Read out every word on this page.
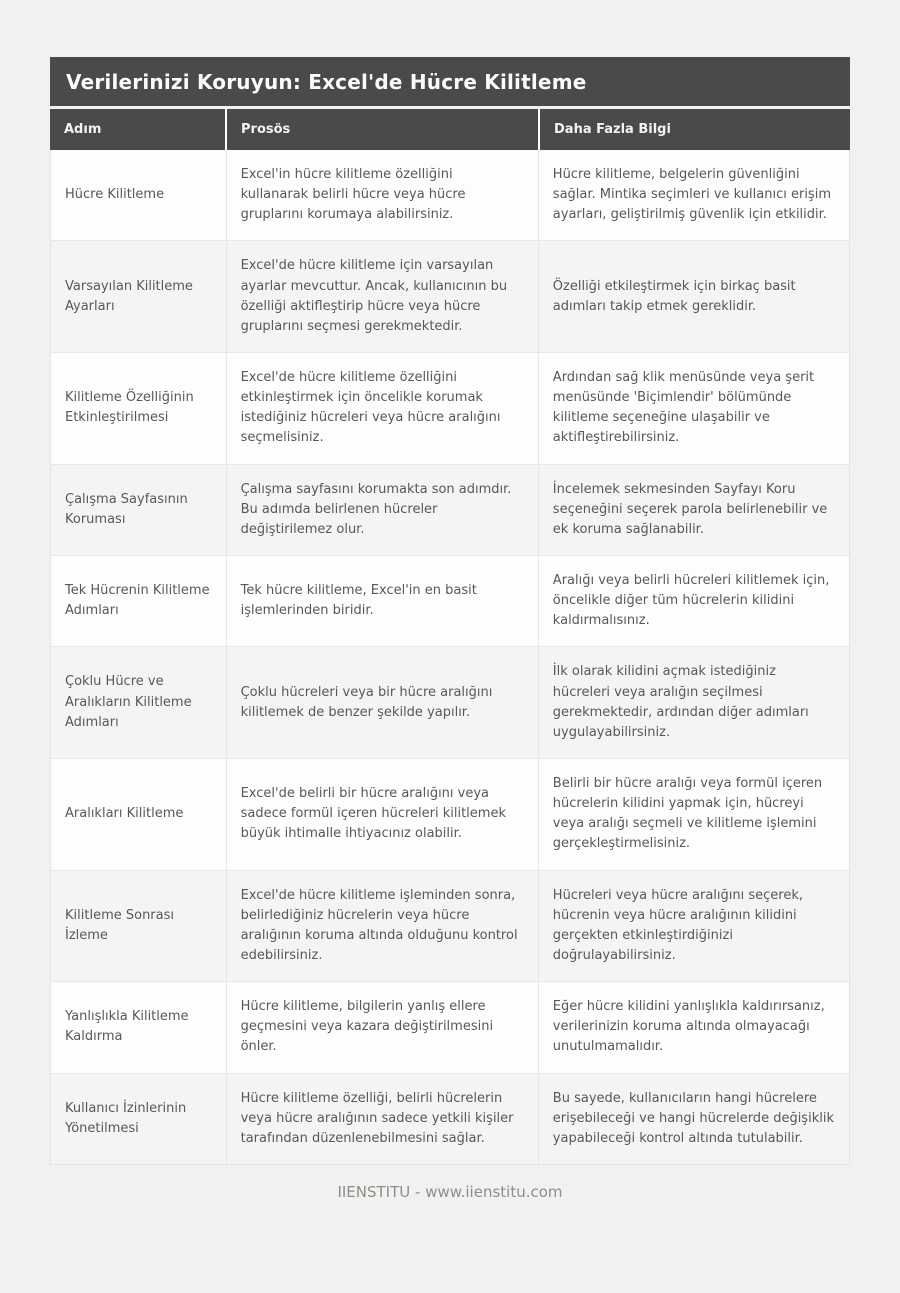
Verilerinizi Koruyun: Excel'de Hücre Kilitleme
Adım	Prosös	Daha Fazla Bilgi
Hücre Kilitleme
Excel'in hücre kilitleme özelliğini kullanarak belirli hücre veya hücre gruplarını korumaya alabilirsiniz.
Hücre kilitleme, belgelerin güvenliğini sağlar. Mintika seçimleri ve kullanıcı erişim ayarları, geliştirilmiş güvenlik için etkilidir.
Varsayılan Kilitleme Ayarları
Excel'de hücre kilitleme için varsayılan ayarlar mevcuttur. Ancak, kullanıcının bu özelliği aktifleştirip hücre veya hücre gruplarını seçmesi gerekmektedir.
Özelliği etkileştirmek için birkaç basit adımları takip etmek gereklidir.
Kilitleme Özelliğinin Etkinleştirilmesi
Excel'de hücre kilitleme özelliğini etkinleştirmek için öncelikle korumak istediğiniz hücreleri veya hücre aralığını seçmelisiniz.
Ardından sağ klik menüsünde veya şerit menüsünde 'Biçimlendir' bölümünde kilitleme seçeneğine ulaşabilir ve aktifleştirebilirsiniz.
Çalışma Sayfasının Koruması
Çalışma sayfasını korumakta son adımdır. Bu adımda belirlenen hücreler değiştirilemez olur.
İncelemek sekmesinden Sayfayı Koru seçeneğini seçerek parola belirlenebilir ve ek koruma sağlanabilir.
Tek Hücrenin Kilitleme Adımları
Tek hücre kilitleme, Excel'in en basit işlemlerinden biridir.
Aralığı veya belirli hücreleri kilitlemek için, öncelikle diğer tüm hücrelerin kilidini kaldırmalısınız.
Çoklu Hücre ve Aralıkların Kilitleme Adımları
Çoklu hücreleri veya bir hücre aralığını kilitlemek de benzer şekilde yapılır.
İlk olarak kilidini açmak istediğiniz hücreleri veya aralığın seçilmesi gerekmektedir, ardından diğer adımları uygulayabilirsiniz.
Aralıkları Kilitleme
Excel'de belirli bir hücre aralığını veya sadece formül içeren hücreleri kilitlemek büyük ihtimalle ihtiyacınız olabilir.
Belirli bir hücre aralığı veya formül içeren hücrelerin kilidini yapmak için, hücreyi veya aralığı seçmeli ve kilitleme işlemini gerçekleştirmelisiniz.
Kilitleme Sonrası İzleme
Excel'de hücre kilitleme işleminden sonra, belirlediğiniz hücrelerin veya hücre aralığının koruma altında olduğunu kontrol edebilirsiniz.
Hücreleri veya hücre aralığını seçerek, hücrenin veya hücre aralığının kilidini gerçekten etkinleştirdiğinizi doğrulayabilirsiniz.
Yanlışlıkla Kilitleme Kaldırma
Hücre kilitleme, bilgilerin yanlış ellere geçmesini veya kazara değiştirilmesini önler.
Eğer hücre kilidini yanlışlıkla kaldırırsanız, verilerinizin koruma altında olmayacağı unutulmamalıdır.
Kullanıcı İzinlerinin Yönetilmesi
Hücre kilitleme özelliği, belirli hücrelerin veya hücre aralığının sadece yetkili kişiler tarafından düzenlenebilmesini sağlar.
Bu sayede, kullanıcıların hangi hücrelere erişebileceği ve hangi hücrelerde değişiklik yapabileceği kontrol altında tutulabilir.
IIENSTITU - www.iienstitu.com
